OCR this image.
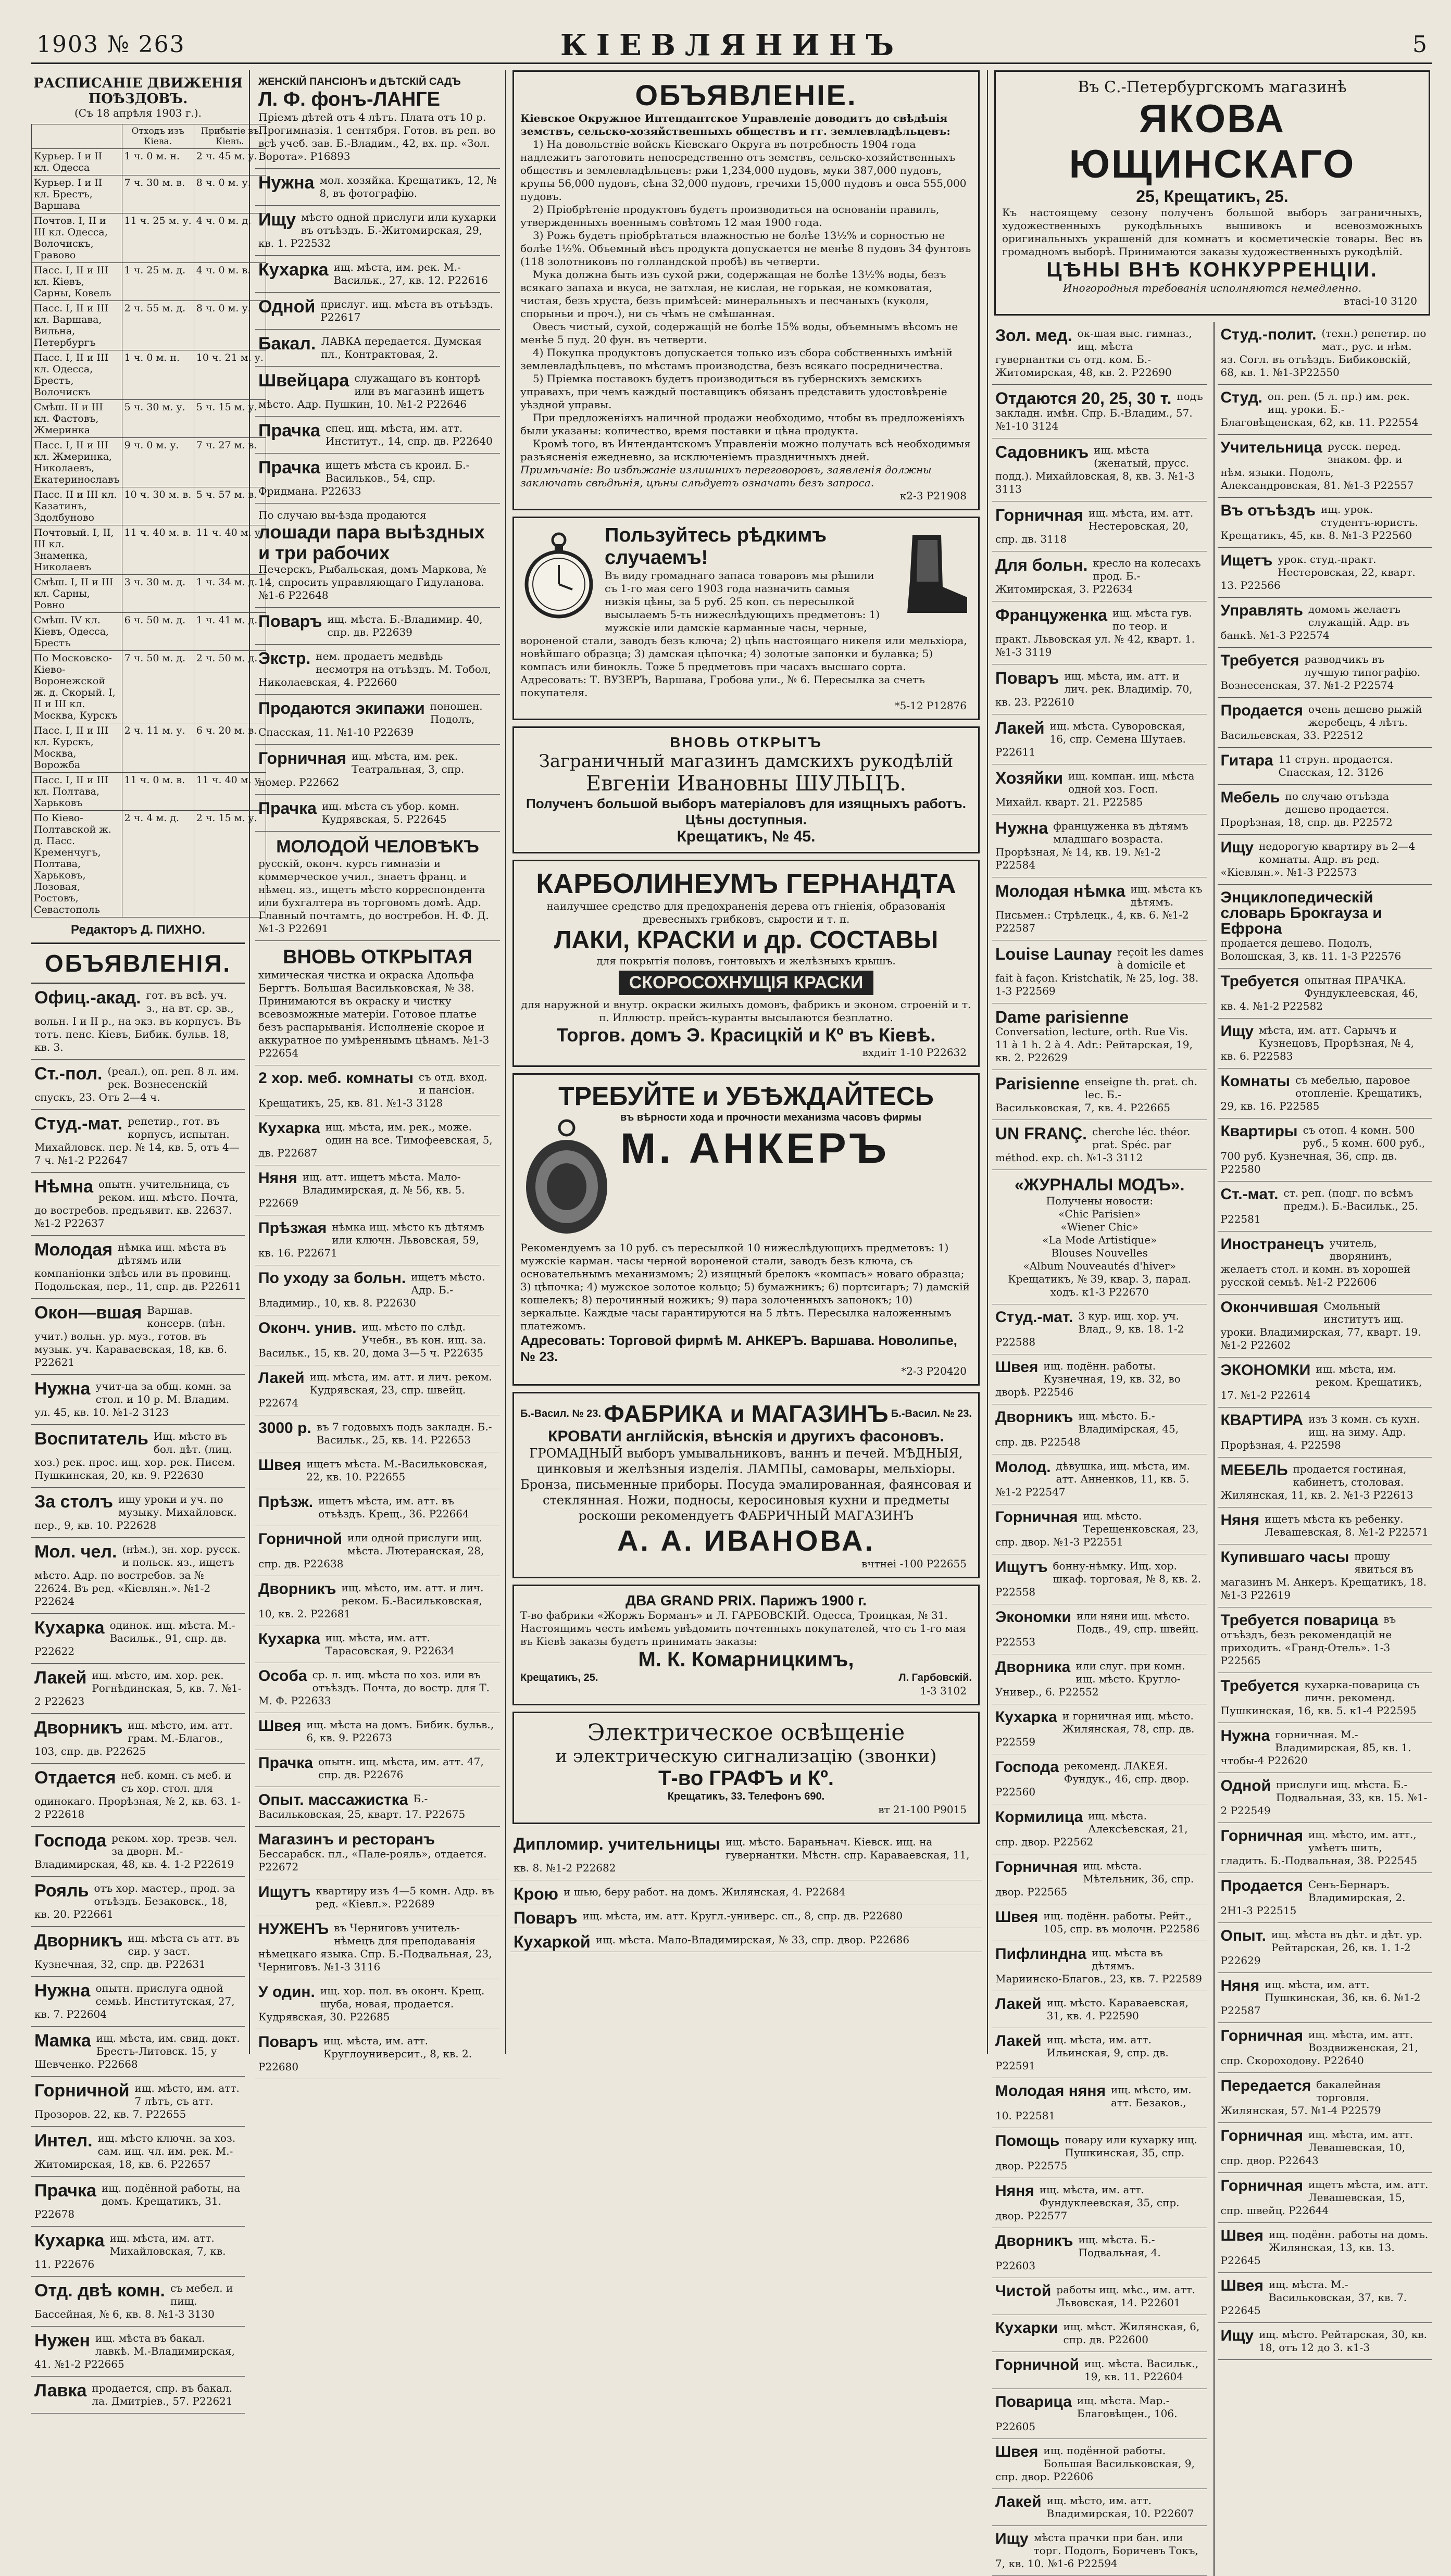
1903 № 263	КІЕВЛЯНИНЪ	5
РАСПИСАНІЕ ДВИЖЕНІЯ ПОѢЗДОВЪ.
(Съ 18 апрѣля 1903 г.).
	Отходъ изъ Кіева.	Прибытіе въ Кіевъ.
Курьер. I и II кл. Одесса	1 ч. 0 м. н.	2 ч. 45 м. у.
Курьер. I и II кл. Брестъ, Варшава	7 ч. 30 м. в.	8 ч. 0 м. у.
Почтов. I, II и III кл. Одесса, Волочискъ, Гравово	11 ч. 25 м. у.	4 ч. 0 м. д.
Пасс. I, II и III кл. Кіевъ, Сарны, Ковель	1 ч. 25 м. д.	4 ч. 0 м. в.
Пасс. I, II и III кл. Варшава, Вильна, Петербургъ	2 ч. 55 м. д.	8 ч. 0 м. у.
Пасс. I, II и III кл. Одесса, Брестъ, Волочискъ	1 ч. 0 м. н.	10 ч. 21 м. у.
Смѣш. II и III кл. Фастовъ, Жмеринка	5 ч. 30 м. у.	5 ч. 15 м. у.
Пасс. I, II и III кл. Жмеринка, Николаевъ, Екатеринославъ	9 ч. 0 м. у.	7 ч. 27 м. в.
Пасс. II и III кл. Казатинъ, Здолбуново	10 ч. 30 м. в.	5 ч. 57 м. в.
Почтовый. I, II, III кл. Знаменка, Николаевъ	11 ч. 40 м. в.	11 ч. 40 м. у.
Смѣш. I, II и III кл. Сарны, Ровно	3 ч. 30 м. д.	1 ч. 34 м. д.
Смѣш. IV кл. Кіевъ, Одесса, Брестъ	6 ч. 50 м. д.	1 ч. 41 м. д.
По Московско-Кіево-Воронежской ж. д. Скорый. I, II и III кл. Москва, Курскъ	7 ч. 50 м. д.	2 ч. 50 м. д.
Пасс. I, II и III кл. Курскъ, Москва, Ворожба	2 ч. 11 м. у.	6 ч. 20 м. в.
Пасс. I, II и III кл. Полтава, Харьковъ	11 ч. 0 м. в.	11 ч. 40 м. у.
По Кіево-Полтавской ж. д. Пасс. Кременчугъ, Полтава, Харьковъ, Лозовая, Ростовъ, Севастополь	2 ч. 4 м. д.	2 ч. 15 м. у.
Редакторъ Д. ПИХНО.
ОБЪЯВЛЕНІЯ.
Офиц.-акад. гот. въ всѣ. уч. з., на вт. ср. зв., вольн. I и II р., на экз. въ корпусъ. Въ тотъ. пенс. Кіевъ, Бибик. бульв. 18, кв. 3.
Ст.-пол. (реал.), оп. реп. 8 л. им. рек. Вознесенскій спускъ, 23. Отъ 2—4 ч.
Студ.-мат. репетир., гот. въ корпусъ, испытан. Михайловск. пер. № 14, кв. 5, отъ 4—7 ч. №1-2 Р22647
Нѣмна опытн. учительница, съ реком. ищ. мѣсто. Почта, до востребов. предъявит. кв. 22637. №1-2 Р22637
Молодая нѣмка ищ. мѣста въ дѣтямъ или компаніонки здѣсь или въ провинц. Подольская, пер., 11, спр. дв. Р22611
Окон—вшая Варшав. консерв. (пѣн. учит.) вольн. ур. муз., готов. въ музык. уч. Караваевская, 18, кв. 6. Р22621
Нужна учит-ца за общ. комн. за стол. и 10 р. М. Владим. ул. 45, кв. 10. №1-2 3123
Воспитатель Ищ. мѣсто въ бол. дѣт. (лиц. хоз.) рек. прос. ищ. хор. рек. Писем. Пушкинская, 20, кв. 9. Р22630
За столъ ищу уроки и уч. по музыку. Михайловск. пер., 9, кв. 10. Р22628
Мол. чел. (нѣм.), зн. хор. русск. и польск. яз., ищетъ мѣсто. Адр. по востребов. за № 22624. Въ ред. «Кіевлян.». №1-2 Р22624
Кухарка одинок. ищ. мѣста. М.-Васильк., 91, спр. дв. Р22622
Лакей ищ. мѣсто, им. хор. рек. Рогнѣдинская, 5, кв. 7. №1-2 Р22623
Дворникъ ищ. мѣсто, им. атт. грам. М.-Благов., 103, спр. дв. Р22625
Отдается неб. комн. съ меб. и съ хор. стол. для одинокаго. Прорѣзная, № 2, кв. 63. 1-2 Р22618
Господа реком. хор. трезв. чел. за дворн. М.-Владимирская, 48, кв. 4. 1-2 Р22619
Рояль отъ хор. мастер., прод. за отъѣздъ. Безаковск., 18, кв. 20. Р22661
Дворникъ ищ. мѣста съ атт. въ сир. у заст. Кузнечная, 32, спр. дв. Р22631
Нужна опытн. прислуга одной семьѣ. Институтская, 27, кв. 7. Р22604
Мамка ищ. мѣста, им. свид. докт. Брестъ-Литовск. 15, у Шевченко. Р22668
Горничной ищ. мѣсто, им. атт. 7 лѣтъ, съ атт. Прозоров. 22, кв. 7. Р22655
Интел. ищ. мѣсто ключн. за хоз. сам. ищ. чл. им. рек. М.-Житомирская, 18, кв. 6. Р22657
Прачка ищ. подённой работы, на домъ. Крещатикъ, 31. Р22678
Кухарка ищ. мѣста, им. атт. Михайловская, 7, кв. 11. Р22676
Отд. двѣ комн. съ мебел. и пищ. Бассейная, № 6, кв. 8. №1-3 3130
Нужен ищ. мѣста въ бакал. лавкѣ. М.-Владимирская, 41. №1-2 Р22665
Лавка продается, спр. въ бакал. ла. Дмитріев., 57. Р22621
ЖЕНСКІЙ ПАНСІОНЪ и ДѢТСКІЙ САДЪ
Л. Ф. фонъ-ЛАНГЕ
Пріемъ дѣтей отъ 4 лѣтъ. Плата отъ 10 р. Прогимназія. 1 сентября. Готов. въ реп. во всѣ учеб. зав. Б.-Владим., 42, вх. пр. «Зол. Ворота». Р16893
Нужна мол. хозяйка. Крещатикъ, 12, № 8, въ фотографію.
Ищу мѣсто одной прислуги или кухарки въ отъѣздъ. Б.-Житомирская, 29, кв. 1. Р22532
Кухарка ищ. мѣста, им. рек. М.-Васильк., 27, кв. 12. Р22616
Одной прислуг. ищ. мѣста въ отъѣздъ. Р22617
Бакал. ЛАВКА передается. Думская пл., Контрактовая, 2.
Швейцара служащаго въ конторѣ или въ магазинѣ ищетъ мѣсто. Адр. Пушкин, 10. №1-2 Р22646
Прачка спец. ищ. мѣста, им. атт. Институт., 14, спр. дв. Р22640
Прачка ищетъ мѣста съ кроил. Б.-Васильков., 54, спр. Фридмана. Р22633
По случаю вы-ѣзда продаются
лошади пара выѣздных и три рабочих
Печерскъ, Рыбальская, домъ Маркова, № 14, спросить управляющаго Гидуланова. №1-6 Р22648
Поваръ ищ. мѣста. Б.-Владимир. 40, спр. дв. Р22639
Экстр. нем. продаетъ медвѣдь несмотря на отъѣздъ. М. Тобол, Николаевская, 4. Р22660
Продаются экипажи поношен. Подолъ, Спасская, 11. №1-10 Р22639
Горничная ищ. мѣста, им. рек. Театральная, 3, спр. номер. Р22662
Прачка ищ. мѣста съ убор. комн. Кудрявская, 5. Р22645
МОЛОДОЙ ЧЕЛОВѢКЪ
русскій, оконч. курсъ гимназіи и коммерческое учил., знаетъ франц. и нѣмец. яз., ищетъ мѣсто корреспондента или бухгалтера въ торговомъ домѣ. Адр. Главный почтамтъ, до востребов. Н. Ф. Д. №1-3 Р22691
ВНОВЬ ОТКРЫТАЯ
химическая чистка и окраска Адольфа Бергтъ. Большая Васильковская, № 38. Принимаются въ окраску и чистку всевозможные матеріи. Готовое платье безъ распарыванія. Исполненіе скорое и аккуратное по умѣреннымъ цѣнамъ. №1-3 Р22654
2 хор. меб. комнаты съ отд. вход. и пансіон. Крещатикъ, 25, кв. 81. №1-3 3128
Кухарка ищ. мѣста, им. рек., може. один на все. Тимофеевская, 5, дв. Р22687
Няня ищ. атт. ищетъ мѣста. Мало-Владимирская, д. № 56, кв. 5. Р22669
Прѣзжая нѣмка ищ. мѣсто къ дѣтямъ или ключн. Львовская, 59, кв. 16. Р22671
По уходу за больн. ищетъ мѣсто. Адр. Б.-Владимир., 10, кв. 8. Р22630
Оконч. унив. ищ. мѣсто по слѣд. Учебн., въ кон. ищ. за. Васильк., 15, кв. 20, дома 3—5 ч. Р22635
Лакей ищ. мѣста, им. атт. и лич. реком. Кудрявская, 23, спр. швейц. Р22674
3000 р. въ 7 годовыхъ подъ закладн. Б.-Васильк., 25, кв. 14. Р22653
Швея ищетъ мѣста. М.-Васильковская, 22, кв. 10. Р22655
Прѣзж. ищетъ мѣста, им. атт. въ отъѣздъ. Крещ., 36. Р22664
Горничной или одной прислуги ищ. мѣста. Лютеранская, 28, спр. дв. Р22638
Дворникъ ищ. мѣсто, им. атт. и лич. реком. Б.-Васильковская, 10, кв. 2. Р22681
Кухарка ищ. мѣста, им. атт. Тарасовская, 9. Р22634
Особа ср. л. ищ. мѣста по хоз. или въ отъѣздъ. Почта, до востр. для Т. М. Ф. Р22633
Швея ищ. мѣста на домъ. Бибик. бульв., 6, кв. 9. Р22673
Прачка опытн. ищ. мѣста, им. атт. 47, спр. дв. Р22676
Опыт. массажистка Б.-Васильковская, 25, кварт. 17. Р22675
Магазинъ и ресторанъ
Бессарабск. пл., «Пале-рояль», отдается. Р22672
Ищутъ квартиру изъ 4—5 комн. Адр. въ ред. «Кіевл.». Р22689
НУЖЕНЪ въ Черниговъ учитель-нѣмецъ для преподаванія нѣмецкаго языка. Спр. Б.-Подвальная, 23, Черниговъ. №1-3 3116
У один. ищ. хор. пол. въ оконч. Крещ. шуба, новая, продается. Кудрявская, 30. Р22685
Поваръ ищ. мѣста, им. атт. Круглоуниверсит., 8, кв. 2. Р22680
ОБЪЯВЛЕНІЕ.
Кіевское Окружное Интендантское Управленіе доводитъ до свѣдѣнія земствъ, сельско-хозяйственныхъ обществъ и гг. землевладѣльцевъ:
1) На довольствіе войскъ Кіевскаго Округа въ потребность 1904 года надлежитъ заготовить непосредственно отъ земствъ, сельско-хозяйственныхъ обществъ и землевладѣльцевъ: ржи 1,234,000 пудовъ, муки 387,000 пудовъ, крупы 56,000 пудовъ, сѣна 32,000 пудовъ, гречихи 15,000 пудовъ и овса 555,000 пудовъ.
2) Пріобрѣтеніе продуктовъ будетъ производиться на основаніи правилъ, утвержденныхъ военнымъ совѣтомъ 12 мая 1900 года.
3) Рожь будетъ пріобрѣтаться влажностью не болѣе 13½% и сорностью не болѣе 1½%. Объемный вѣсъ продукта допускается не менѣе 8 пудовъ 34 фунтовъ (118 золотниковъ по голландской пробѣ) въ четверти.
Мука должна быть изъ сухой ржи, содержащая не болѣе 13½% воды, безъ всякаго запаха и вкуса, не затхлая, не кислая, не горькая, не комковатая, чистая, безъ хруста, безъ примѣсей: минеральныхъ и песчаныхъ (куколя, спорыньи и проч.), ни съ чѣмъ не смѣшанная.
Овесъ чистый, сухой, содержащій не болѣе 15% воды, объемнымъ вѣсомъ не менѣе 5 пуд. 20 фун. въ четверти.
4) Покупка продуктовъ допускается только изъ сбора собственныхъ имѣній землевладѣльцевъ, по мѣстамъ производства, безъ всякаго посредничества.
5) Пріемка поставокъ будетъ производиться въ губернскихъ земскихъ управахъ, при чемъ каждый поставщикъ обязанъ представить удостовѣреніе уѣздной управы.
При предложеніяхъ наличной продажи необходимо, чтобы въ предложеніяхъ были указаны: количество, время поставки и цѣна продукта.
Кромѣ того, въ Интендантскомъ Управленіи можно получать всѣ необходимыя разъясненія ежедневно, за исключеніемъ праздничныхъ дней.
Примѣчаніе: Во избѣжаніе излишнихъ переговоровъ, заявленія должны заключать свѣдѣнія, цѣны слѣдуетъ означать безъ запроса.
к2-3 Р21908
Пользуйтесь рѣдкимъ случаемъ!
Въ виду громаднаго запаса товаровъ мы рѣшили съ 1-го мая сего 1903 года назначить самыя низкія цѣны, за 5 руб. 25 коп. съ пересылкой высылаемъ 5-ть нижеслѣдующихъ предметовъ: 1) мужскіе или дамскіе карманные часы, черные, вороненой стали, заводъ безъ ключа; 2) цѣпь настоящаго никеля или мельхіора, новѣйшаго образца; 3) дамская цѣпочка; 4) золотые запонки и булавка; 5) компасъ или бинокль. Тоже 5 предметовъ при часахъ высшаго сорта. Адресовать: Т. ВУЗЕРЪ, Варшава, Гробова ули., № 6. Пересылка за счетъ покупателя.
*5-12 Р12876
ВНОВЬ ОТКРЫТЪ
Заграничный магазинъ дамскихъ рукодѣлій
Евгеніи Ивановны ШУЛЬЦЪ.
Полученъ большой выборъ матеріаловъ для изящныхъ работъ. Цѣны доступныя.
Крещатикъ, № 45.
КАРБОЛИНЕУМЪ ГЕРНАНДТА
наилучшее средство для предохраненія дерева отъ гніенія, образованія древесныхъ грибковъ, сырости и т. п.
ЛАКИ, КРАСКИ и др. СОСТАВЫ
для покрытія половъ, гонтовыхъ и желѣзныхъ крышъ.
СКОРОСОХНУЩІЯ КРАСКИ
для наружной и внутр. окраски жилыхъ домовъ, фабрикъ и эконом. строеній и т. п. Иллюстр. прейсъ-куранты высылаются безплатно.
Торгов. домъ Э. Красицкій и Кº въ Кіевѣ.
вхдиіт 1-10 Р22632
ТРЕБУЙТЕ и УБѢЖДАЙТЕСЬ
въ вѣрности хода и прочности механизма часовъ фирмы
М. АНКЕРЪ
Рекомендуемъ за 10 руб. съ пересылкой 10 нижеслѣдующихъ предметовъ: 1) мужскіе карман. часы черной вороненой стали, заводъ безъ ключа, съ основательнымъ механизмомъ; 2) изящный брелокъ «компасъ» новаго образца; 3) цѣпочка; 4) мужское золотое кольцо; 5) бумажникъ; 6) портсигаръ; 7) дамскій кошелекъ; 8) перочинный ножикъ; 9) пара золоченныхъ запонокъ; 10) зеркальце. Каждые часы гарантируются на 5 лѣтъ. Пересылка наложеннымъ платежомъ.
Адресовать: Торговой фирмѣ М. АНКЕРЪ. Варшава. Новолипье, № 23.
*2-3 Р20420
Б.-Васил. № 23. ФАБРИКА и МАГАЗИНЪ Б.-Васил. № 23.
КРОВАТИ англійскія, вѣнскія и другихъ фасоновъ.
ГРОМАДНЫЙ выборъ умывальниковъ, ваннъ и печей. МѢДНЫЯ, цинковыя и желѣзныя изделія. ЛАМПЫ, самовары, мельхіоры. Бронза, письменные приборы. Посуда эмалированная, фаянсовая и стеклянная. Ножи, подносы, керосиновыя кухни и предметы роскоши рекомендуетъ ФАБРИЧНЫЙ МАГАЗИНЪ
А. А. ИВАНОВА.
вчтнеі -100 Р22655
ДВА GRAND PRIX. Парижъ 1900 г.
Т-во фабрики «Жоржъ Борманъ» и Л. ГАРБОВСКІЙ. Одесса, Троицкая, № 31. Настоящимъ честь имѣемъ увѣдомить почтенныхъ покупателей, что съ 1-го мая въ Кіевѣ заказы будетъ принимать заказы:
М. К. Комарницкимъ,
Крещатикъ, 25.	Л. Гарбовскій.
1-3 3102
Электрическое освѣщеніе
и электрическую сигнализацію (звонки)
Т-во ГРАФЪ и Кº.
Крещатикъ, 33. Телефонъ 690.
вт 21-100 Р9015
Дипломир. учительницы ищ. мѣсто. Бараньнач. Кіевск. ищ. на гувернантки. Мѣстн. спр. Караваевская, 11, кв. 8. №1-2 Р22682
Крою и шью, беру работ. на домъ. Жилянская, 4. Р22684
Поваръ ищ. мѣста, им. атт. Кругл.-универс. сп., 8, спр. дв. Р22680
Кухаркой ищ. мѣста. Мало-Владимирская, № 33, спр. двор. Р22686
Въ С.-Петербургскомъ магазинѣ
ЯКОВА ЮЩИНСКАГО
25, Крещатикъ, 25.
Къ настоящему сезону полученъ большой выборъ заграничныхъ, художественныхъ рукодѣльныхъ вышивокъ и всевозможныхъ оригинальныхъ украшеній для комнатъ и косметическіе товары. Вес въ громадномъ выборѣ. Принимаются заказы художественныхъ рукодѣлій.
ЦѢНЫ ВНѢ КОНКУРРЕНЦІИ.
Иногородныя требованія исполняются немедленно.
втасі-10 3120
Зол. мед. ок-шая выс. гимназ., ищ. мѣста гувернантки съ отд. ком. Б.-Житомирская, 48, кв. 2. Р22690
Отдаются 20, 25, 30 т. подъ закладн. имѣн. Спр. Б.-Владим., 57. №1-10 3124
Садовникъ ищ. мѣста (женатый, прусс. подд.). Михайловская, 8, кв. 3. №1-3 3113
Горничная ищ. мѣста, им. атт. Нестеровская, 20, спр. дв. 3118
Для больн. кресло на колесахъ прод. Б.-Житомирская, 3. Р22634
Француженка ищ. мѣста гув. по теор. и практ. Львовская ул. № 42, кварт. 1. №1-3 3119
Поваръ ищ. мѣста, им. атт. и лич. рек. Владимір. 70, кв. 23. Р22610
Лакей ищ. мѣста. Суворовская, 16, спр. Семена Шутаев. Р22611
Хозяйки ищ. компан. ищ. мѣста одной хоз. Госп. Михайл. кварт. 21. Р22585
Нужна француженка въ дѣтямъ младшаго возраста. Прорѣзная, № 14, кв. 19. №1-2 Р22584
Молодая нѣмка ищ. мѣста къ дѣтямъ. Письмен.: Стрѣлецк., 4, кв. 6. №1-2 Р22587
Louise Launay reçoit les dames à domicile et fait à façon. Kristchatik, № 25, log. 38. 1-3 Р22569
Dame parisienne
Conversation, lecture, orth. Rue Vis. 11 à 1 h. 2 à 4. Adr.: Рейтарская, 19, кв. 2. Р22629
Parisienne enseigne th. prat. ch. lec. Б.-Васильковская, 7, кв. 4. Р22665
UN FRANÇ. cherche léc. théor. prat. Spéc. par méthod. exp. ch. №1-3 3112
«ЖУРНАЛЫ МОДЪ».
Получены новости:
«Chic Parisien»
«Wiener Chic»
«La Mode Artistique»
Blouses Nouvelles
«Album Nouveautés d'hiver»
Крещатикъ, № 39, квар. 3, парад. ходъ. к1-3 Р22670
Студ.-мат. 3 кур. ищ. хор. уч. Влад., 9, кв. 18. 1-2 Р22588
Швея ищ. подённ. работы. Кузнечная, 19, кв. 32, во дворѣ. Р22546
Дворникъ ищ. мѣсто. Б.-Владимірская, 45, спр. дв. Р22548
Молод. дѣвушка, ищ. мѣста, им. атт. Анненков, 11, кв. 5. №1-2 Р22547
Горничная ищ. мѣсто. Терещенковская, 23, спр. двор. №1-3 Р22551
Ищутъ бонну-нѣмку. Ищ. хор. шкаф. торговая, № 8, кв. 2. Р22558
Экономки или няни ищ. мѣсто. Подв., 49, спр. швейц. Р22553
Дворника или слуг. при комн. ищ. мѣсто. Кругло-Универ., 6. Р22552
Кухарка и горничная ищ. мѣсто. Жилянская, 78, спр. дв. Р22559
Господа рекоменд. ЛАКЕЯ. Фундук., 46, спр. двор. Р22560
Кормилица ищ. мѣста. Алексѣевская, 21, спр. двор. Р22562
Горничная ищ. мѣста. Мѣтельник, 36, спр. двор. Р22565
Швея ищ. подённ. работы. Рейт., 105, спр. въ молочн. Р22586
Пифлиндна ищ. мѣста въ дѣтямъ. Мариинско-Благов., 23, кв. 7. Р22589
Лакей ищ. мѣсто. Караваевская, 31, кв. 4. Р22590
Лакей ищ. мѣста, им. атт. Ильинская, 9, спр. дв. Р22591
Молодая няня ищ. мѣсто, им. атт. Безаков., 10. Р22581
Помощь повару или кухарку ищ. Пушкинская, 35, спр. двор. Р22575
Няня ищ. мѣста, им. атт. Фундуклеевская, 35, спр. двор. Р22577
Дворникъ ищ. мѣста. Б.-Подвальная, 4. Р22603
Чистой работы ищ. мѣс., им. атт. Львовская, 14. Р22601
Кухарки ищ. мѣст. Жилянская, 6, спр. дв. Р22600
Горничной ищ. мѣста. Васильк., 19, кв. 11. Р22604
Поварица ищ. мѣста. Мар.-Благовѣщен., 106. Р22605
Швея ищ. подённой работы. Большая Васильковская, 9, спр. двор. Р22606
Лакей ищ. мѣсто, им. атт. Владимирская, 10. Р22607
Ищу мѣста прачки при бан. или торг. Подолъ, Боричевъ Токъ, 7, кв. 10. №1-6 Р22594
Студ.-полит. (техн.) репетир. по мат., рус. и нѣм. яз. Согл. въ отъѣздъ. Бибиковскій, 68, кв. 1. №1-3Р22550
Студ. оп. реп. (5 л. пр.) им. рек. ищ. уроки. Б.-Благовѣщенская, 62, кв. 11. Р22554
Учительница русск. перед. знаком. фр. и нѣм. языки. Подолъ, Александровская, 81. №1-3 Р22557
Въ отъѣздъ ищ. урок. студентъ-юристъ. Крещатикъ, 45, кв. 8. №1-3 Р22560
Ищетъ урок. студ.-практ. Нестеровская, 22, кварт. 13. Р22566
Управлять домомъ желаетъ служащій. Адр. въ банкѣ. №1-3 Р22574
Требуется разводчикъ въ лучшую типографію. Вознесенская, 37. №1-2 Р22574
Продается очень дешево рыжій жеребецъ, 4 лѣтъ. Васильевская, 33. Р22512
Гитара 11 струн. продается. Спасская, 12. 3126
Мебель по случаю отъѣзда дешево продается. Прорѣзная, 18, спр. дв. Р22572
Ищу недорогую квартиру въ 2—4 комнаты. Адр. въ ред. «Кіевлян.». №1-3 Р22573
Энциклопедическій словарь Брокгауза и Ефрона
продается дешево. Подолъ, Волошская, 3, кв. 11. 1-3 Р22576
Требуется опытная ПРАЧКА. Фундуклеевская, 46, кв. 4. №1-2 Р22582
Ищу мѣста, им. атт. Сарычъ и Кузнецовъ, Прорѣзная, № 4, кв. 6. Р22583
Комнаты съ мебелью, паровое отопленіе. Крещатикъ, 29, кв. 16. Р22585
Квартиры съ отоп. 4 комн. 500 руб., 5 комн. 600 руб., 700 руб. Кузнечная, 36, спр. дв. Р22580
Ст.-мат. ст. реп. (подг. по всѣмъ предм.). Б.-Васильк., 25. Р22581
Иностранецъ учитель, дворянинъ, желаетъ стол. и комн. въ хорошей русской семьѣ. №1-2 Р22606
Окончившая Смольный институтъ ищ. уроки. Владимирская, 77, кварт. 19. №1-2 Р22602
ЭКОНОМКИ ищ. мѣста, им. реком. Крещатикъ, 17. №1-2 Р22614
КВАРТИРА изъ 3 комн. съ кухн. ищ. на зиму. Адр. Прорѣзная, 4. Р22598
МЕБЕЛЬ продается гостиная, кабинетъ, столовая. Жилянская, 11, кв. 2. №1-3 Р22613
Няня ищетъ мѣста къ ребенку. Левашевская, 8. №1-2 Р22571
Купившаго часы прошу явиться въ магазинъ М. Анкеръ. Крещатикъ, 18. №1-3 Р22619
Требуется поварица въ отъѣздъ, безъ рекомендацій не приходить. «Гранд-Отель». 1-3 Р22565
Требуется кухарка-поварица съ личн. рекоменд. Пушкинская, 16, кв. 5. к1-4 Р22595
Нужна горничная. М.-Владимирская, 85, кв. 1. чтобы-4 Р22620
Одной прислуги ищ. мѣста. Б.-Подвальная, 33, кв. 15. №1-2 Р22549
Горничная ищ. мѣсто, им. атт., умѣетъ шить, гладить. Б.-Подвальная, 38. Р22545
Продается Сенъ-Бернаръ. Владимирская, 2. 2Н1-3 Р22515
Опыт. ищ. мѣста въ дѣт. и дѣт. ур. Рейтарская, 26, кв. 1. 1-2 Р22629
Няня ищ. мѣста, им. атт. Пушкинская, 36, кв. 6. №1-2 Р22587
Горничная ищ. мѣста, им. атт. Воздвиженская, 21, спр. Скороходову. Р22640
Передается бакалейная торговля. Жилянская, 57. №1-4 Р22579
Горничная ищ. мѣста, им. атт. Левашевская, 10, спр. двор. Р22643
Горничная ищетъ мѣста, им. атт. Левашевская, 15, спр. швейц. Р22644
Швея ищ. подённ. работы на домъ. Жилянская, 13, кв. 13. Р22645
Швея ищ. мѣста. М.-Васильковская, 37, кв. 7. Р22645
Ищу ищ. мѣсто. Рейтарская, 30, кв. 18, отъ 12 до 3. к1-3
